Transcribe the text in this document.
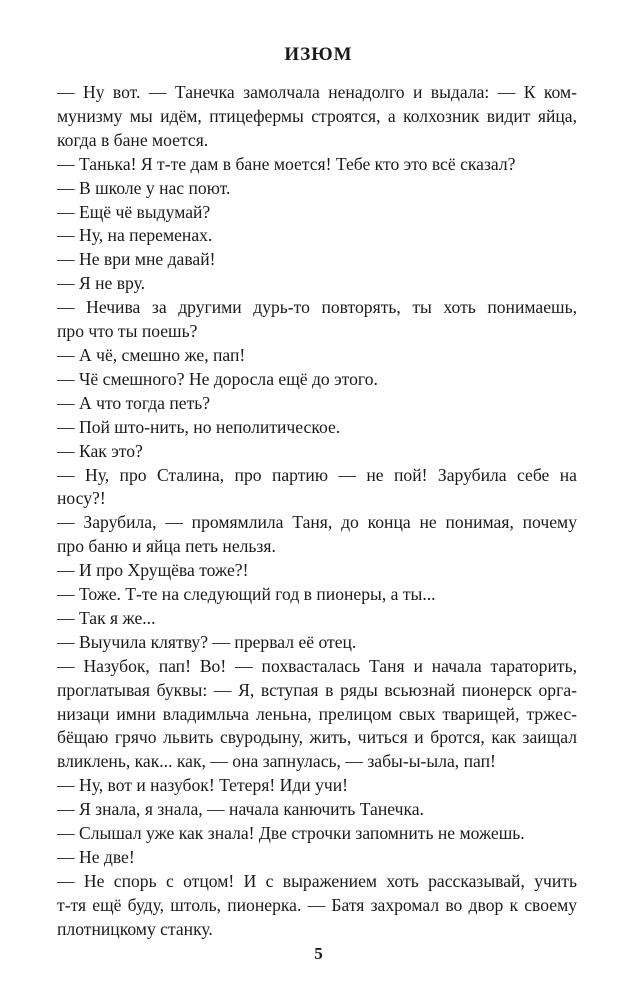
ИЗЮМ
— Ну вот. — Танечка замолчала ненадолго и выдала: — К ком-
мунизму мы идём, птицефермы строятся, а колхозник видит яйца,
когда в бане моется.
— Танька! Я т-те дам в бане моется! Тебе кто это всё сказал?
— В школе у нас поют.
— Ещё чё выдумай?
— Ну, на переменах.
— Не ври мне давай!
— Я не вру.
— Нечива за другими дурь-то повторять, ты хоть понимаешь,
про что ты поешь?
— А чё, смешно же, пап!
— Чё смешного? Не доросла ещё до этого.
— А что тогда петь?
— Пой што-нить, но неполитическое.
— Как это?
— Ну, про Сталина, про партию — не пой! Зарубила себе на
носу?!
— Зарубила, — промямлила Таня, до конца не понимая, почему
про баню и яйца петь нельзя.
— И про Хрущёва тоже?!
— Тоже. Т-те на следующий год в пионеры, а ты...
— Так я же...
— Выучила клятву? — прервал её отец.
— Назубок, пап! Во! — похвасталась Таня и начала тараторить,
проглатывая буквы: — Я, вступая в ряды всьюзнай пионерск орга-
низаци имни владимльча леньна, прелицом свых тварищей, тржес-
бёщаю грячо львить свуродыну, жить, читься и бротся, как заищал
вликлень, как... как, — она запнулась, — забы-ы-ыла, пап!
— Ну, вот и назубок! Тетеря! Иди учи!
— Я знала, я знала, — начала канючить Танечка.
— Слышал уже как знала! Две строчки запомнить не можешь.
— Не две!
— Не спорь с отцом! И с выражением хоть рассказывай, учить
т-тя ещё буду, штоль, пионерка. — Батя захромал во двор к своему
плотницкому станку.
5
